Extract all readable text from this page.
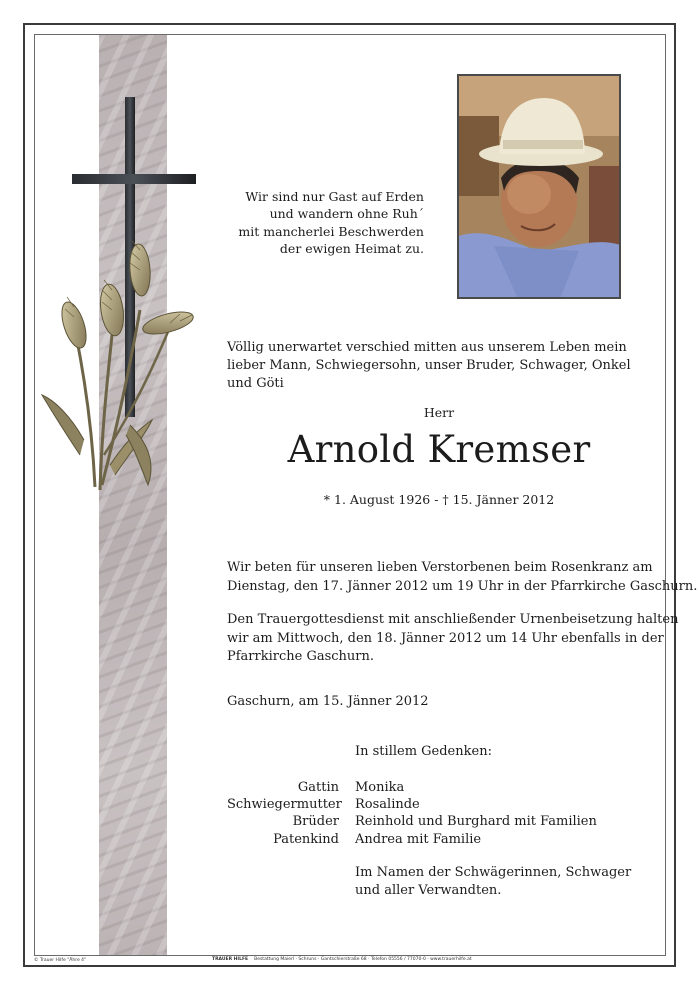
Wir sind nur Gast auf Erden
und wandern ohne Ruh´
mit mancherlei Beschwerden
der ewigen Heimat zu.
Völlig unerwartet verschied mitten aus unserem Leben mein lieber Mann, Schwiegersohn, unser Bruder, Schwager, Onkel und Göti
Herr
Arnold Kremser
* 1. August 1926 - † 15. Jänner 2012
Wir beten für unseren lieben Verstorbenen beim Rosenkranz am
Dienstag, den 17. Jänner 2012 um 19 Uhr in der Pfarrkirche Gaschurn.
Den Trauergottesdienst mit anschließender Urnenbeisetzung halten
wir am Mittwoch, den 18. Jänner 2012 um 14 Uhr ebenfalls in der
Pfarrkirche Gaschurn.
Gaschurn, am 15. Jänner 2012
In stillem Gedenken:
Gattin Monika
Schwiegermutter Rosalinde
Brüder Reinhold und Burghard mit Familien
Patenkind Andrea mit Familie
Im Namen der Schwägerinnen, Schwager
und aller Verwandten.
© Trauer Hilfe "Ähre 4"	TRAUER HILFE Bestattung Maierl · Schruns · Gantschierstraße 68 · Telefon 05556 / 77070-0 · www.trauerhilfe.at
